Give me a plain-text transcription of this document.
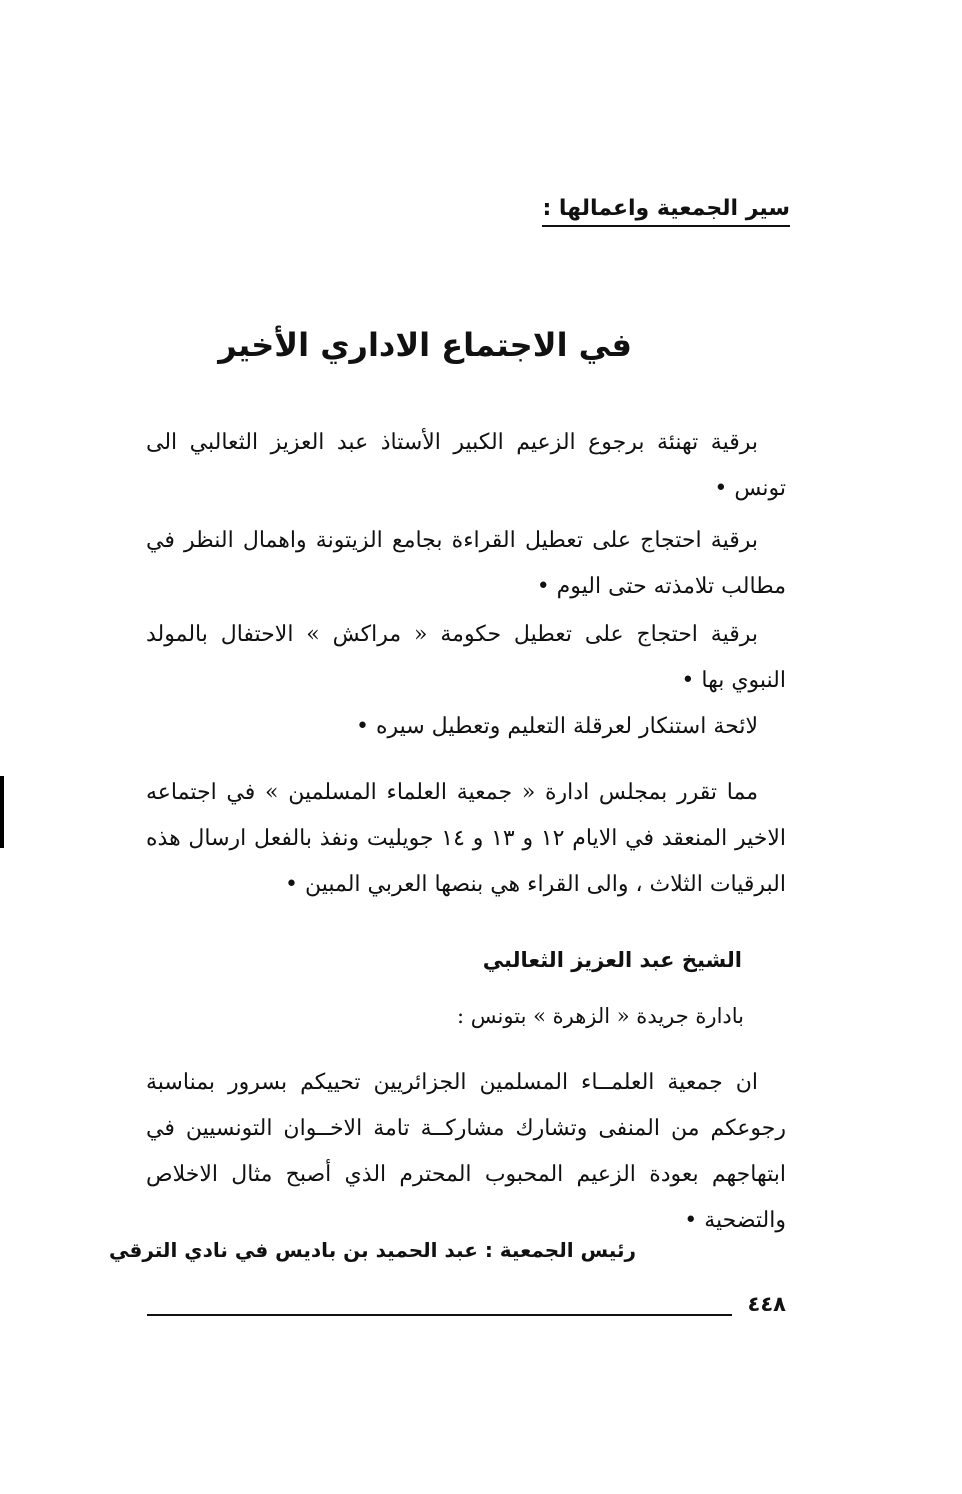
سير الجمعية واعمالها :
في الاجتماع الاداري الأخير
برقية تهنئة برجوع الزعيم الكبير الأستاذ عبد العزيز الثعالبي الى تونس •
برقية احتجاج على تعطيل القراءة بجامع الزيتونة واهمال النظر في مطالب تلامذته حتى اليوم •
برقية احتجاج على تعطيل حكومة « مراكش » الاحتفال بالمولد النبوي بها •
لائحة استنكار لعرقلة التعليم وتعطيل سيره •
مما تقرر بمجلس ادارة « جمعية العلماء المسلمين » في اجتماعه الاخير المنعقد في الايام ١٢ و ١٣ و ١٤ جويليت ونفذ بالفعل ارسال هذه البرقيات الثلاث ، والى القراء هي بنصها العربي المبين •
الشيخ عبد العزيز الثعالبي
بادارة جريدة « الزهرة » بتونس :
ان جمعية العلمــاء المسلمين الجزائريين تحييكم بسرور بمناسبة رجوعكم من المنفى وتشارك مشاركــة تامة الاخــوان التونسيين في ابتهاجهم بعودة الزعيم المحبوب المحترم الذي أصبح مثال الاخلاص والتضحية •
رئيس الجمعية : عبد الحميد بن باديس في نادي الترقي
٤٤٨
